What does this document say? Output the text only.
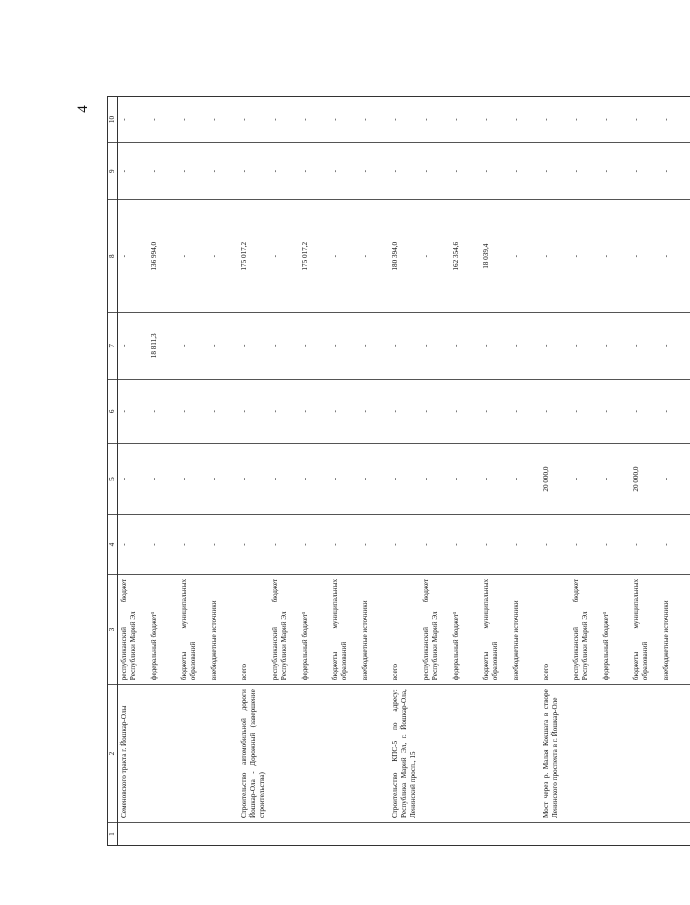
4
1	2	3	4	5	6	7	8	9	10
	Семеновского тракта г. Йошкар-Олы	республиканский бюджет Республики Марий Эл	-	-	-	-	-	-	-
		федеральный бюджет¹	-	-	-	18 811,3	136 994,0	-	-
		бюджеты муниципальных образований	-	-	-	-	-	-	-
		внебюджетные источники	-	-	-	-	-	-	-
	Строительство автомобильной дороги Йошкар-Ола - Дорожный (завершение строительства)	всего	-	-	-	-	175 017,2	-	-
		республиканский бюджет Республики Марий Эл	-	-	-	-	-	-	-
		федеральный бюджет¹	-	-	-	-	175 017,2	-	-
		бюджеты муниципальных образований	-	-	-	-	-	-	-
		внебюджетные источники	-	-	-	-	-	-	-
	Строительство КПС-5 по адресу: Республика Марий Эл, г. Йошкар-Ола, Ленинский просп., 15	всего	-	-	-	-	180 394,0	-	-
		республиканский бюджет Республики Марий Эл	-	-	-	-	-	-	-
		федеральный бюджет¹	-	-	-	-	162 354,6	-	-
		бюджеты муниципальных образований	-	-	-	-	18 039,4	-	-
		внебюджетные источники	-	-	-	-	-	-	-
	Мост через р. Малая Кокшага в створе Ленинского проспекта в г. Йошкар-Оле	всего	-	20 000,0	-	-	-	-	-
		республиканский бюджет Республики Марий Эл	-	-	-	-	-	-	-
		федеральный бюджет¹	-	-	-	-	-	-	-
		бюджеты муниципальных образований	-	20 000,0	-	-	-	-	-
		внебюджетные источники	-	-	-	-	-	-	-
